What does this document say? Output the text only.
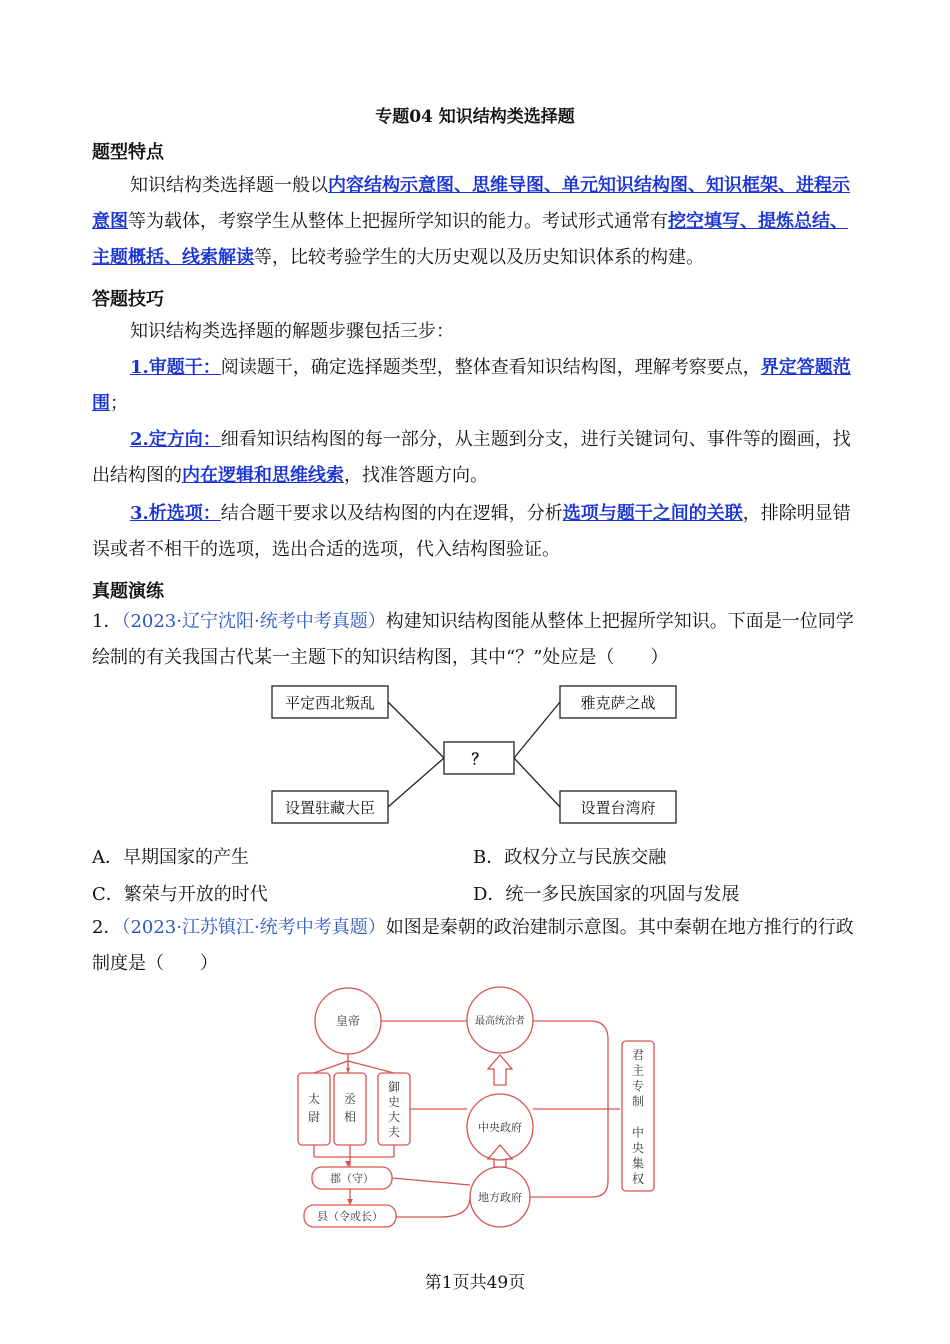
专题04 知识结构类选择题
题型特点
知识结构类选择题一般以内容结构示意图、思维导图、单元知识结构图、知识框架、进程示意图等为载体，考察学生从整体上把握所学知识的能力。考试形式通常有挖空填写、提炼总结、主题概括、线索解读等，比较考验学生的大历史观以及历史知识体系的构建。
答题技巧
知识结构类选择题的解题步骤包括三步：
1.审题干：阅读题干，确定选择题类型，整体查看知识结构图，理解考察要点，界定答题范围；
2.定方向：细看知识结构图的每一部分，从主题到分支，进行关键词句、事件等的圈画，找出结构图的内在逻辑和思维线索，找准答题方向。
3.析选项：结合题干要求以及结构图的内在逻辑，分析选项与题干之间的关联，排除明显错误或者不相干的选项，选出合适的选项，代入结构图验证。
真题演练
1．（2023·辽宁沈阳·统考中考真题）构建知识结构图能从整体上把握所学知识。下面是一位同学绘制的有关我国古代某一主题下的知识结构图，其中“？”处应是（　　）
平定西北叛乱	雅克萨之战
？
设置驻藏大臣	设置台湾府
A．早期国家的产生	B．政权分立与民族交融
C．繁荣与开放的时代	D．统一多民族国家的巩固与发展
2．（2023·江苏镇江·统考中考真题）如图是秦朝的政治建制示意图。其中秦朝在地方推行的行政制度是（　　）
皇帝	最高统治者
中央政府
地方政府
郡（守）
县（令或长）
太
尉
丞
相
御
史
大
夫
君
主
专
制
中
央
集
权
第1页共49页
